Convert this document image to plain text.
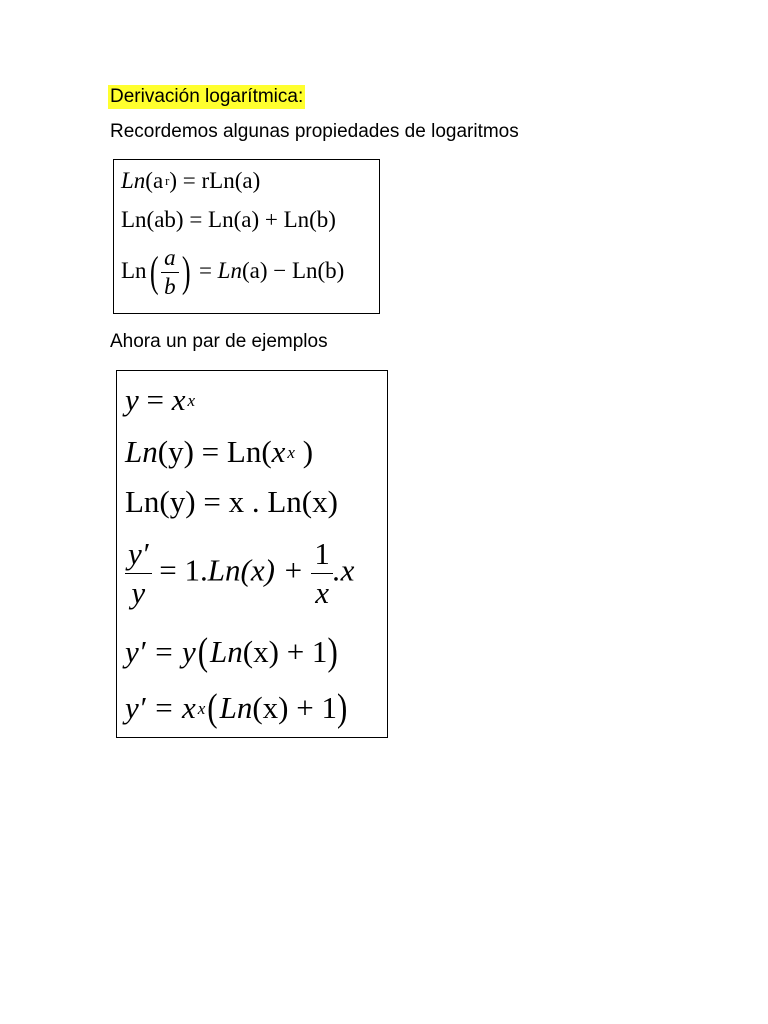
Derivación logarítmica:
Recordemos algunas propiedades de logaritmos
Ln(a $^r$) = rLn(a)
Ln(ab) = Ln(a) + Ln(b)
$Ln( \frac{a}{b}$ ) = Ln(a) − Ln(b)
Ahora un par de ejemplos
y = x $^x$
Ln(y) = Ln(x $^x$ )
Ln(y) = x . Ln(x)
$\frac{y'}{y} = 1.Ln(x) + \frac{1}{x} .x$
y′ = y(Ln(x) + 1)
y′ = x $^x$(Ln(x) + 1)
